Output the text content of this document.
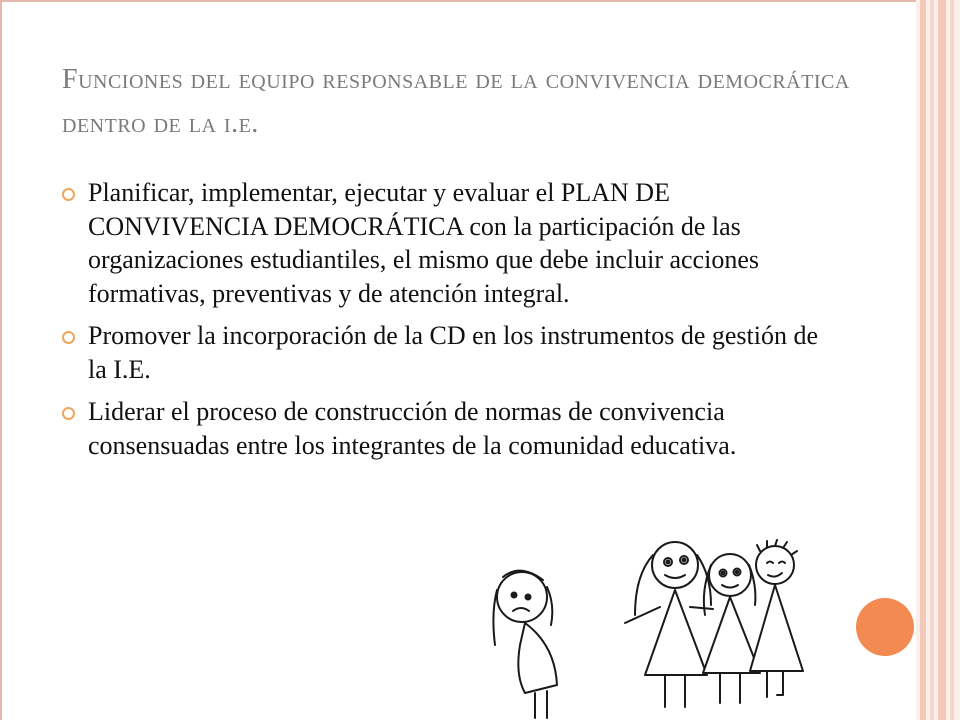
Funciones del equipo responsable de la convivencia democrática dentro de la i.e.
Planificar, implementar, ejecutar y evaluar el PLAN DE CONVIVENCIA DEMOCRÁTICA con la participación de las organizaciones estudiantiles, el mismo que debe incluir acciones formativas, preventivas y de atención integral.
Promover la incorporación de la CD en los instrumentos de gestión de la I.E.
Liderar el proceso de construcción de normas de convivencia consensuadas entre los integrantes de la comunidad educativa.
